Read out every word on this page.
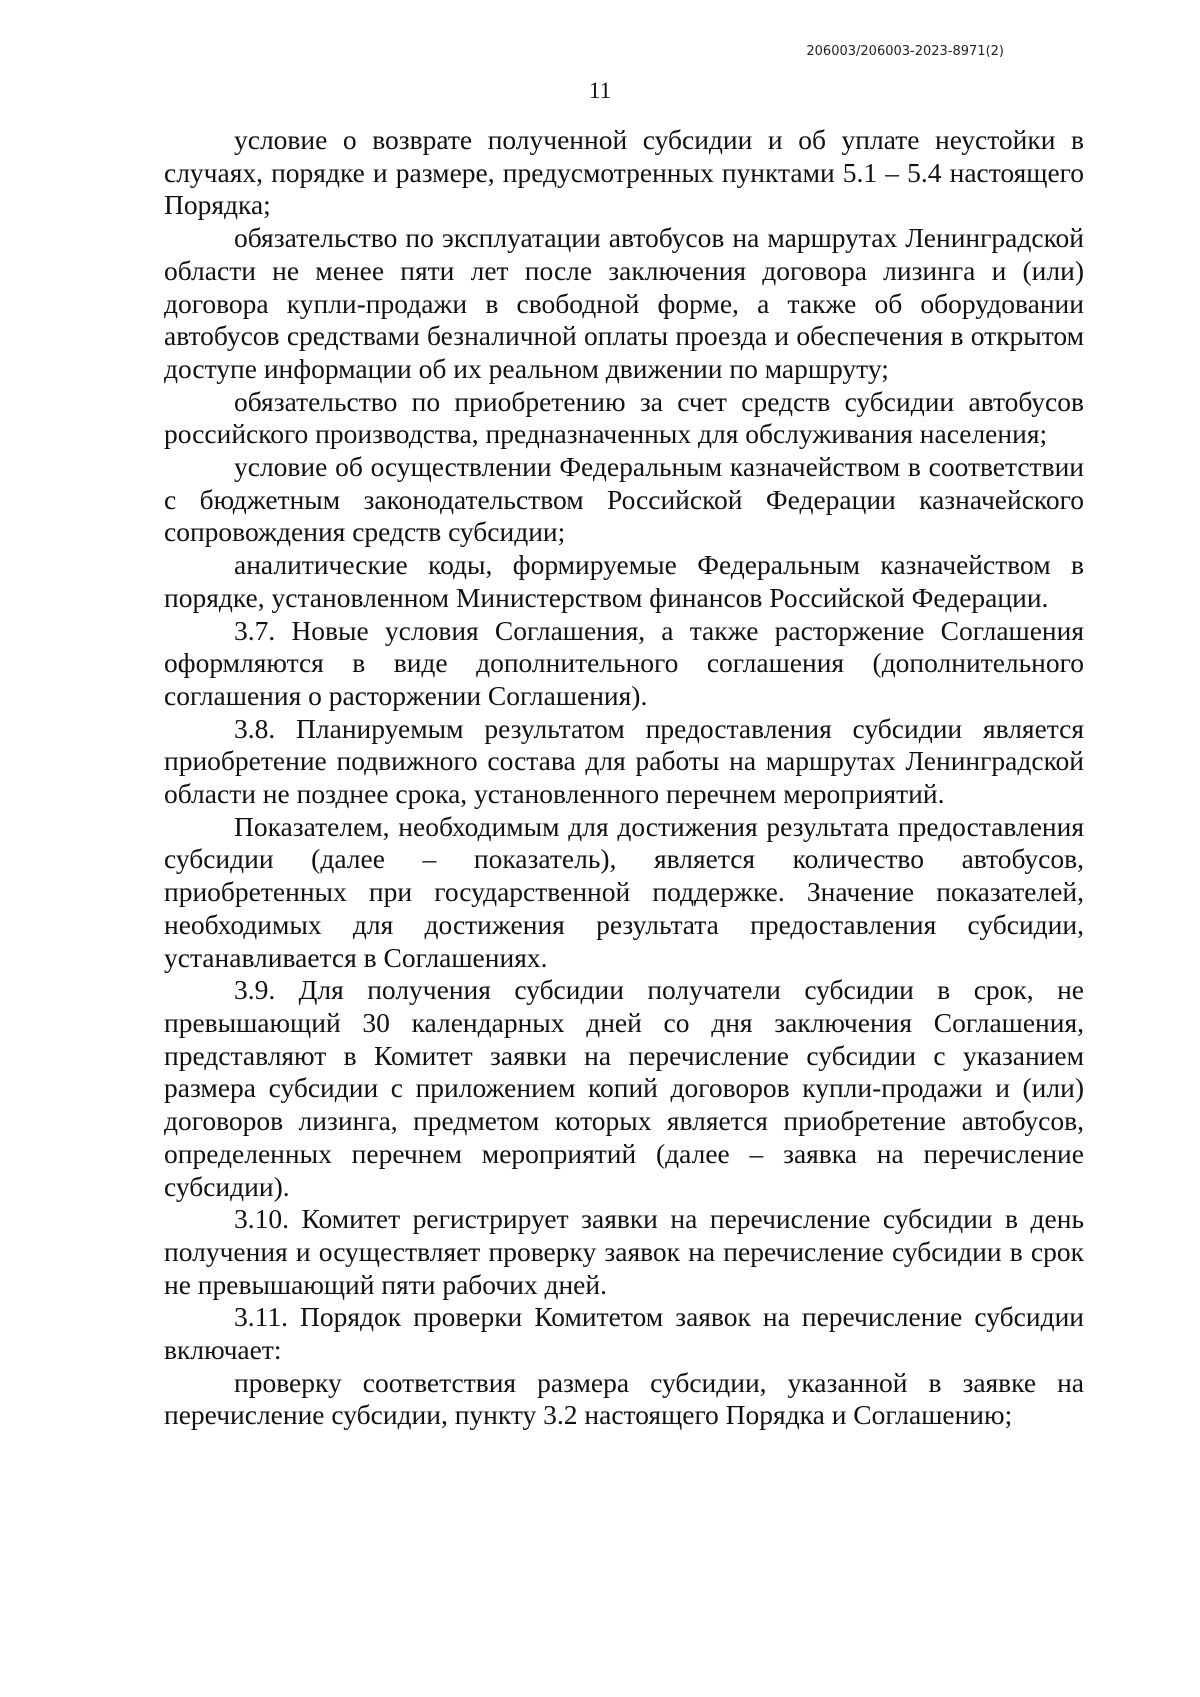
206003/206003-2023-8971(2)
11

условие о возврате полученной субсидии и об уплате неустойки в случаях, порядке и размере, предусмотренных пунктами 5.1 – 5.4 настоящего Порядка;

обязательство по эксплуатации автобусов на маршрутах Ленинградской области не менее пяти лет после заключения договора лизинга и (или) договора купли-продажи в свободной форме, а также об оборудовании автобусов средствами безналичной оплаты проезда и обеспечения в открытом доступе информации об их реальном движении по маршруту;

обязательство по приобретению за счет средств субсидии автобусов российского производства, предназначенных для обслуживания населения;

условие об осуществлении Федеральным казначейством в соответствии с бюджетным законодательством Российской Федерации казначейского сопровождения средств субсидии;

аналитические коды, формируемые Федеральным казначейством в порядке, установленном Министерством финансов Российской Федерации.

3.7. Новые условия Соглашения, а также расторжение Соглашения оформляются в виде дополнительного соглашения (дополнительного соглашения о расторжении Соглашения).

3.8. Планируемым результатом предоставления субсидии является приобретение подвижного состава для работы на маршрутах Ленинградской области не позднее срока, установленного перечнем мероприятий.

Показателем, необходимым для достижения результата предоставления субсидии (далее – показатель), является количество автобусов, приобретенных при государственной поддержке. Значение показателей, необходимых для достижения результата предоставления субсидии, устанавливается в Соглашениях.

3.9. Для получения субсидии получатели субсидии в срок, не превышающий 30 календарных дней со дня заключения Соглашения, представляют в Комитет заявки на перечисление субсидии с указанием размера субсидии с приложением копий договоров купли-продажи и (или) договоров лизинга, предметом которых является приобретение автобусов, определенных перечнем мероприятий (далее – заявка на перечисление субсидии).

3.10. Комитет регистрирует заявки на перечисление субсидии в день получения и осуществляет проверку заявок на перечисление субсидии в срок не превышающий пяти рабочих дней.

3.11. Порядок проверки Комитетом заявок на перечисление субсидии включает:

проверку соответствия размера субсидии, указанной в заявке на перечисление субсидии, пункту 3.2 настоящего Порядка и Соглашению;
